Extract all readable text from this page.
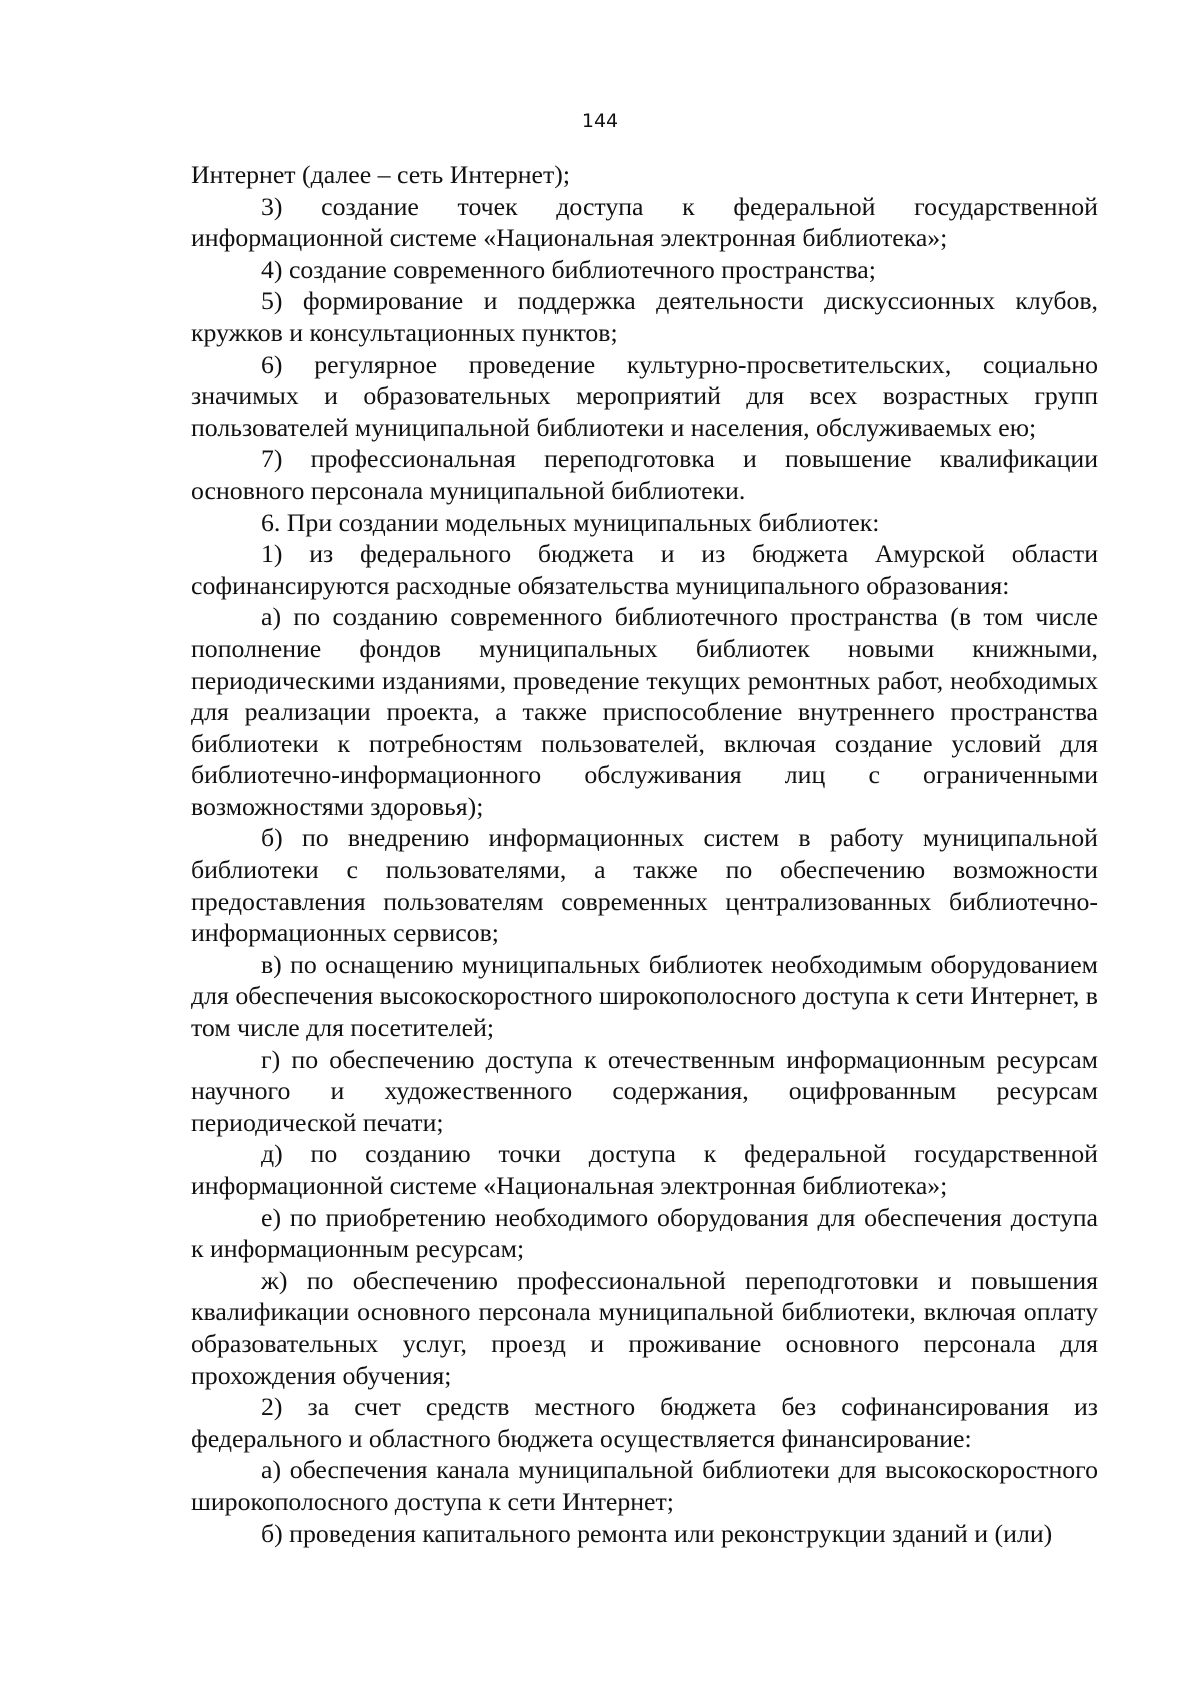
144

Интернет (далее – сеть Интернет);

3) создание точек доступа к федеральной государственной информационной системе «Национальная электронная библиотека»;

4) создание современного библиотечного пространства;

5) формирование и поддержка деятельности дискуссионных клубов, кружков и консультационных пунктов;

6) регулярное проведение культурно-просветительских, социально значимых и образовательных мероприятий для всех возрастных групп пользователей муниципальной библиотеки и населения, обслуживаемых ею;

7) профессиональная переподготовка и повышение квалификации основного персонала муниципальной библиотеки.

6. При создании модельных муниципальных библиотек:

1) из федерального бюджета и из бюджета Амурской области софинансируются расходные обязательства муниципального образования:

а) по созданию современного библиотечного пространства (в том числе пополнение фондов муниципальных библиотек новыми книжными, периодическими изданиями, проведение текущих ремонтных работ, необходимых для реализации проекта, а также приспособление внутреннего пространства библиотеки к потребностям пользователей, включая создание условий для библиотечно-информационного обслуживания лиц с ограниченными возможностями здоровья);

б) по внедрению информационных систем в работу муниципальной библиотеки с пользователями, а также по обеспечению возможности предоставления пользователям современных централизованных библиотечно-информационных сервисов;

в) по оснащению муниципальных библиотек необходимым оборудованием для обеспечения высокоскоростного широкополосного доступа к сети Интернет, в том числе для посетителей;

г) по обеспечению доступа к отечественным информационным ресурсам научного и художественного содержания, оцифрованным ресурсам периодической печати;

д) по созданию точки доступа к федеральной государственной информационной системе «Национальная электронная библиотека»;

е) по приобретению необходимого оборудования для обеспечения доступа к информационным ресурсам;

ж) по обеспечению профессиональной переподготовки и повышения квалификации основного персонала муниципальной библиотеки, включая оплату образовательных услуг, проезд и проживание основного персонала для прохождения обучения;

2) за счет средств местного бюджета без софинансирования из федерального и областного бюджета осуществляется финансирование:

а) обеспечения канала муниципальной библиотеки для высокоскоростного широкополосного доступа к сети Интернет;

б) проведения капитального ремонта или реконструкции зданий и (или)
